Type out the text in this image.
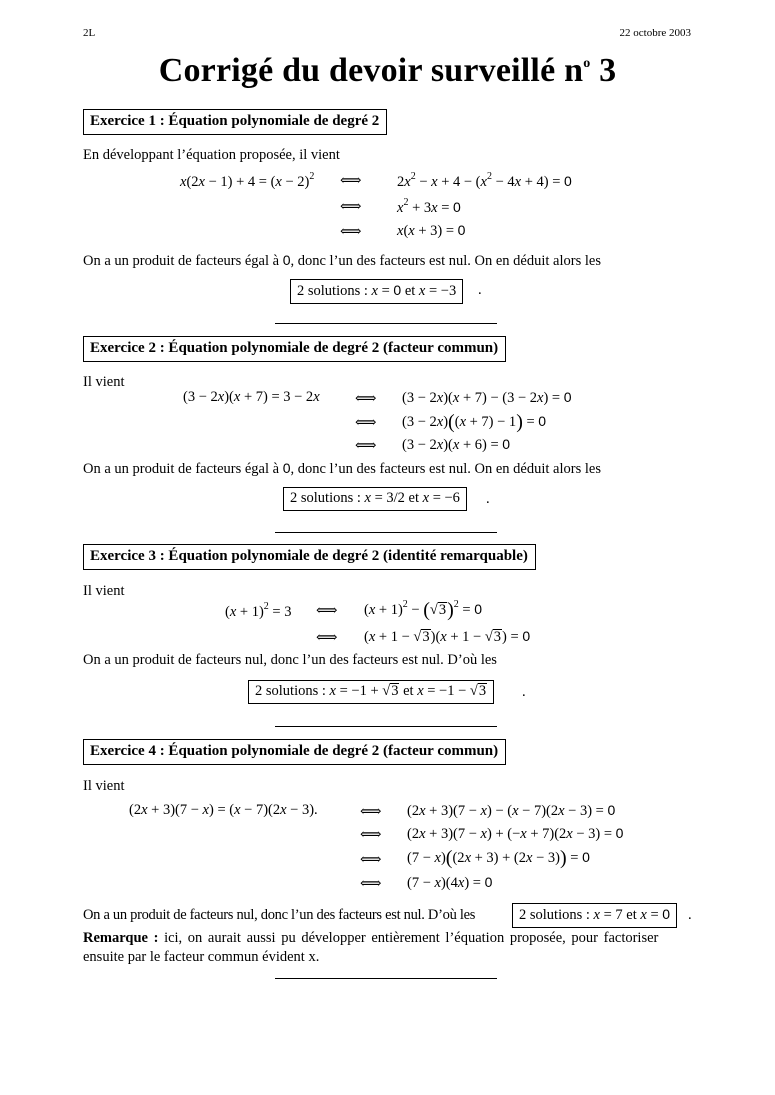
2L	22 octobre 2003
Corrigé du devoir surveillé $n^o$ 3
Exercice 1 : Équation polynomiale de degré 2
En développant l’équation proposée, il vient
$x(2x - 1) + 4 = (x - 2)^2$ ⟺	$2x^2 - x + 4 - (x^2 - 4x + 4) = 0$
⟺	$x^2 + 3x = 0$
⟺	x(x + 3) = 0
On a un produit de facteurs égal à 0, donc l’un des facteurs est nul. On en déduit alors les
2 solutions : x = 0 et x = −3	.
Exercice 2 : Équation polynomiale de degré 2 (facteur commun)
Il vient
(3 − 2x)(x + 7) = 3 − 2x ⟺ (3 − 2x)(x + 7) − (3 − 2x) = 0
⟺ (3 − 2x)((x + 7) − 1) = 0
⟺ (3 − 2x)(x + 6) = 0
On a un produit de facteurs égal à 0, donc l’un des facteurs est nul. On en déduit alors les
2 solutions : x = 3/2 et x = −6	.
Exercice 3 : Équation polynomiale de degré 2 (identité remarquable)
Il vient
$(x + 1)^2 = 3$ ⟺ $(x + 1)^2 - (√3)^2 = 0$
⟺ (x + 1 − √3)(x + 1 − √3) = 0
On a un produit de facteurs nul, donc l’un des facteurs est nul. D’où les
2 solutions : x = −1 + √3 et x = −1 − √3	.
Exercice 4 : Équation polynomiale de degré 2 (facteur commun)
Il vient
(2x + 3)(7 − x) = (x − 7)(2x − 3).	⟺ (2x + 3)(7 − x) − (x − 7)(2x − 3) = 0
⟺ (2x + 3)(7 − x) + (−x + 7)(2x − 3) = 0
⟺ (7 − x)((2x + 3) + (2x − 3)) = 0
⟺ (7 − x)(4x) = 0
On a un produit de facteurs nul, donc l’un des facteurs est nul. D’où les	2 solutions : x = 7 et x = 0	.
Remarque : ici, on aurait aussi pu développer entièrement l’équation proposée, pour factoriser
ensuite par le facteur commun évident x.
